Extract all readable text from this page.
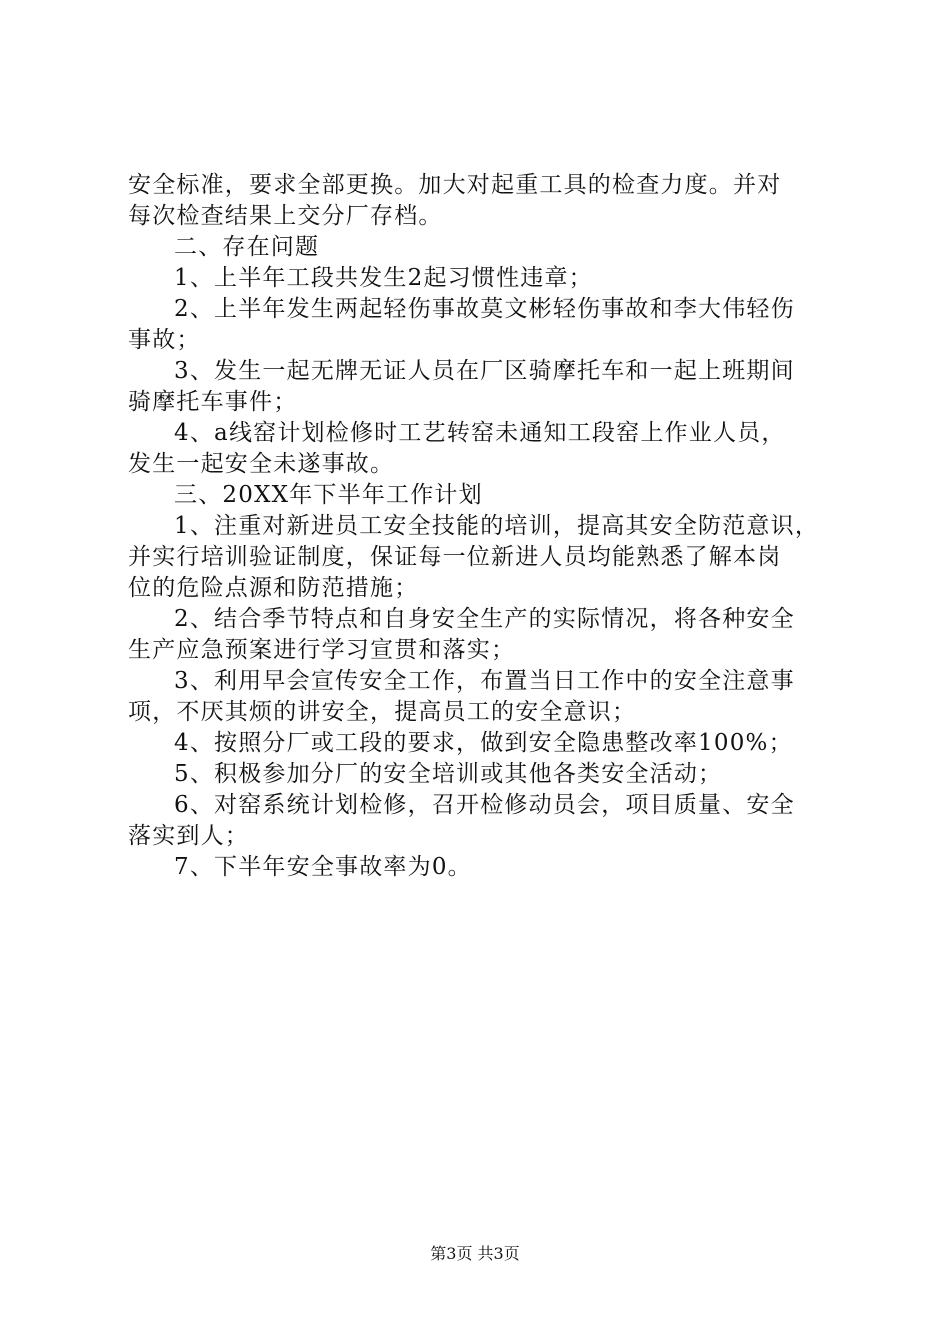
安全标准，要求全部更换。加大对起重工具的检查力度。并对
每次检查结果上交分厂存档。
二、存在问题
1、上半年工段共发生2起习惯性违章；
2、上半年发生两起轻伤事故莫文彬轻伤事故和李大伟轻伤
事故；
3、发生一起无牌无证人员在厂区骑摩托车和一起上班期间
骑摩托车事件；
4、a线窑计划检修时工艺转窑未通知工段窑上作业人员，
发生一起安全未遂事故。
三、20XX年下半年工作计划
1、注重对新进员工安全技能的培训，提高其安全防范意识，
并实行培训验证制度，保证每一位新进人员均能熟悉了解本岗
位的危险点源和防范措施；
2、结合季节特点和自身安全生产的实际情况，将各种安全
生产应急预案进行学习宣贯和落实；
3、利用早会宣传安全工作，布置当日工作中的安全注意事
项，不厌其烦的讲安全，提高员工的安全意识；
4、按照分厂或工段的要求，做到安全隐患整改率100%；
5、积极参加分厂的安全培训或其他各类安全活动；
6、对窑系统计划检修，召开检修动员会，项目质量、安全
落实到人；
7、下半年安全事故率为0。
第3页 共3页
